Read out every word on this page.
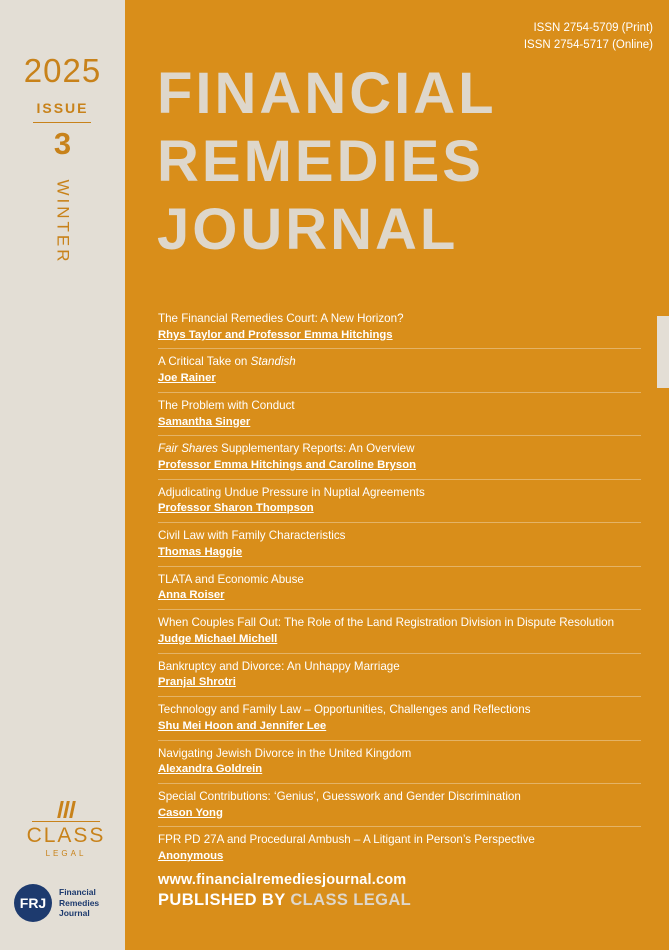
2025
ISSUE
3
WINTER
CLASS
LEGAL
FRJ
Financial
Remedies
Journal
ISSN 2754-5709 (Print)
ISSN 2754-5717 (Online)
FINANCIAL
REMEDIES
JOURNAL
The Financial Remedies Court: A New Horizon?
Rhys Taylor and Professor Emma Hitchings
A Critical Take on Standish
Joe Rainer
The Problem with Conduct
Samantha Singer
Fair Shares Supplementary Reports: An Overview
Professor Emma Hitchings and Caroline Bryson
Adjudicating Undue Pressure in Nuptial Agreements
Professor Sharon Thompson
Civil Law with Family Characteristics
Thomas Haggie
TLATA and Economic Abuse
Anna Roiser
When Couples Fall Out: The Role of the Land Registration Division in Dispute Resolution
Judge Michael Michell
Bankruptcy and Divorce: An Unhappy Marriage
Pranjal Shrotri
Technology and Family Law – Opportunities, Challenges and Reflections
Shu Mei Hoon and Jennifer Lee
Navigating Jewish Divorce in the United Kingdom
Alexandra Goldrein
Special Contributions: ‘Genius’, Guesswork and Gender Discrimination
Cason Yong
FPR PD 27A and Procedural Ambush – A Litigant in Person’s Perspective
Anonymous
www.financialremediesjournal.com
PUBLISHED BY CLASS LEGAL
